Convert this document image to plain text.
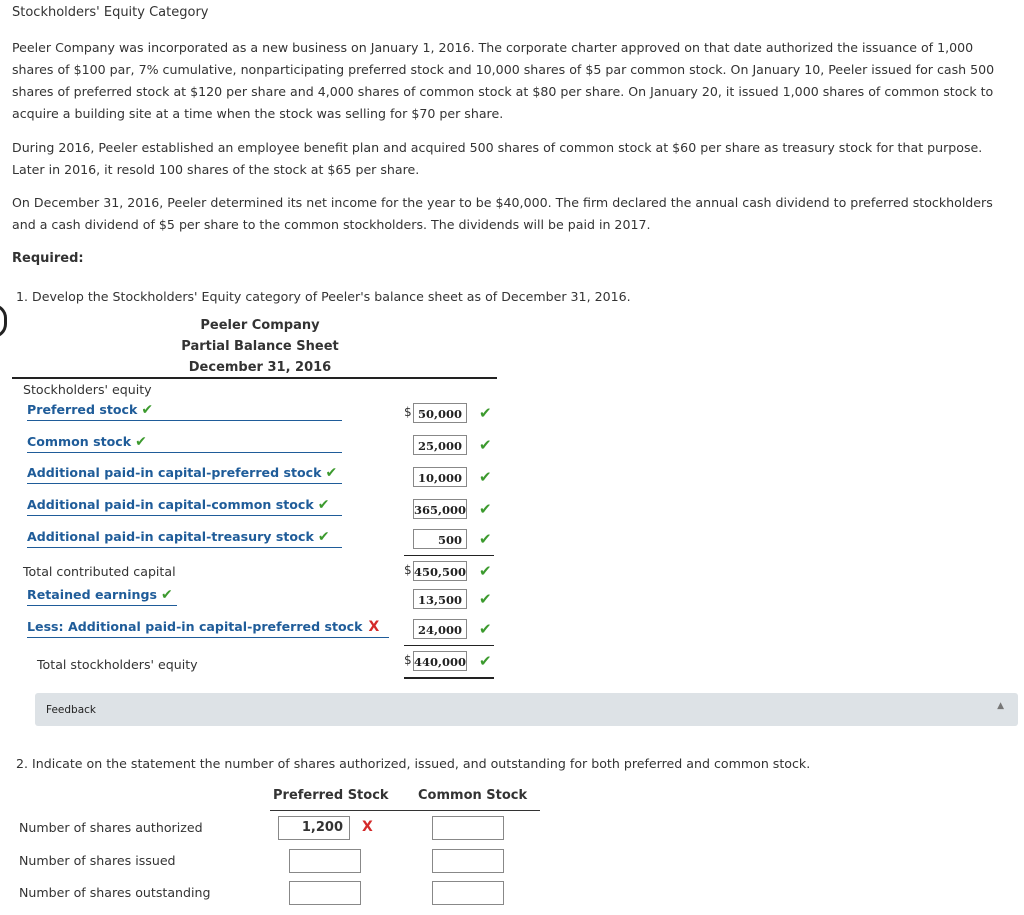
Stockholders' Equity Category
Peeler Company was incorporated as a new business on January 1, 2016. The corporate charter approved on that date authorized the issuance of 1,000 shares of $100 par, 7% cumulative, nonparticipating preferred stock and 10,000 shares of $5 par common stock. On January 10, Peeler issued for cash 500 shares of preferred stock at $120 per share and 4,000 shares of common stock at $80 per share. On January 20, it issued 1,000 shares of common stock to acquire a building site at a time when the stock was selling for $70 per share.
During 2016, Peeler established an employee benefit plan and acquired 500 shares of common stock at $60 per share as treasury stock for that purpose. Later in 2016, it resold 100 shares of the stock at $65 per share.
On December 31, 2016, Peeler determined its net income for the year to be $40,000. The firm declared the annual cash dividend to preferred stockholders and a cash dividend of $5 per share to the common stockholders. The dividends will be paid in 2017.
Required:
1. Develop the Stockholders' Equity category of Peeler's balance sheet as of December 31, 2016.
Peeler Company
Partial Balance Sheet
December 31, 2016
Stockholders' equity
Preferred stock ✔	$ 50,000	✔
Common stock ✔	25,000	✔
Additional paid-in capital-preferred stock ✔	10,000	✔
Additional paid-in capital-common stock ✔	365,000 ✔
Additional paid-in capital-treasury stock ✔	500	✔
Total contributed capital	$ 450,500 ✔
Retained earnings ✔	13,500	✔
Less: Additional paid-in capital-preferred stock X	24,000	✔
Total stockholders' equity	$ 440,000 ✔
Feedback	▲
2. Indicate on the statement the number of shares authorized, issued, and outstanding for both preferred and common stock.
Preferred Stock Common Stock
Number of shares authorized	1,200	X
Number of shares issued
Number of shares outstanding
